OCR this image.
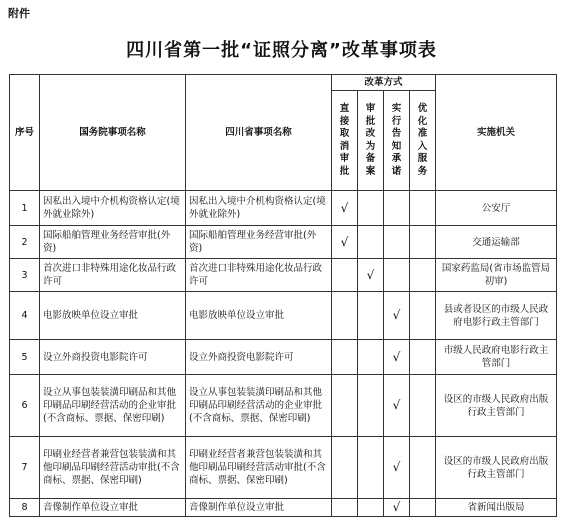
附件
四川省第一批“证照分离”改革事项表
序号	国务院事项名称	四川省事项名称	改革方式				实施机关

			直接取消审批	审批改为备案	实行告知承诺	优化准入服务	

1	因私出入境中介机构资格认定(境外就业除外)	因私出入境中介机构资格认定(境外就业除外)	√				公安厅
2	国际船舶管理业务经营审批(外资)	国际船舶管理业务经营审批(外资)	√				交通运输部
3	首次进口非特殊用途化妆品行政许可	首次进口非特殊用途化妆品行政许可		√			国家药监局(省市场监管局初审)
4	电影放映单位设立审批	电影放映单位设立审批			√		县或者设区的市级人民政府电影行政主管部门
5	设立外商投资电影院许可	设立外商投资电影院许可			√		市级人民政府电影行政主管部门
6	设立从事包装装潢印刷品和其他印刷品印刷经营活动的企业审批(不含商标、票据、保密印刷)	设立从事包装装潢印刷品和其他印刷品印刷经营活动的企业审批(不含商标、票据、保密印刷)			√		设区的市级人民政府出版行政主管部门
7	印刷业经营者兼营包装装潢和其他印刷品印刷经营活动审批(不含商标、票据、保密印刷)	印刷业经营者兼营包装装潢和其他印刷品印刷经营活动审批(不含商标、票据、保密印刷)			√		设区的市级人民政府出版行政主管部门
8	音像制作单位设立审批	音像制作单位设立审批			√		省新闻出版局
